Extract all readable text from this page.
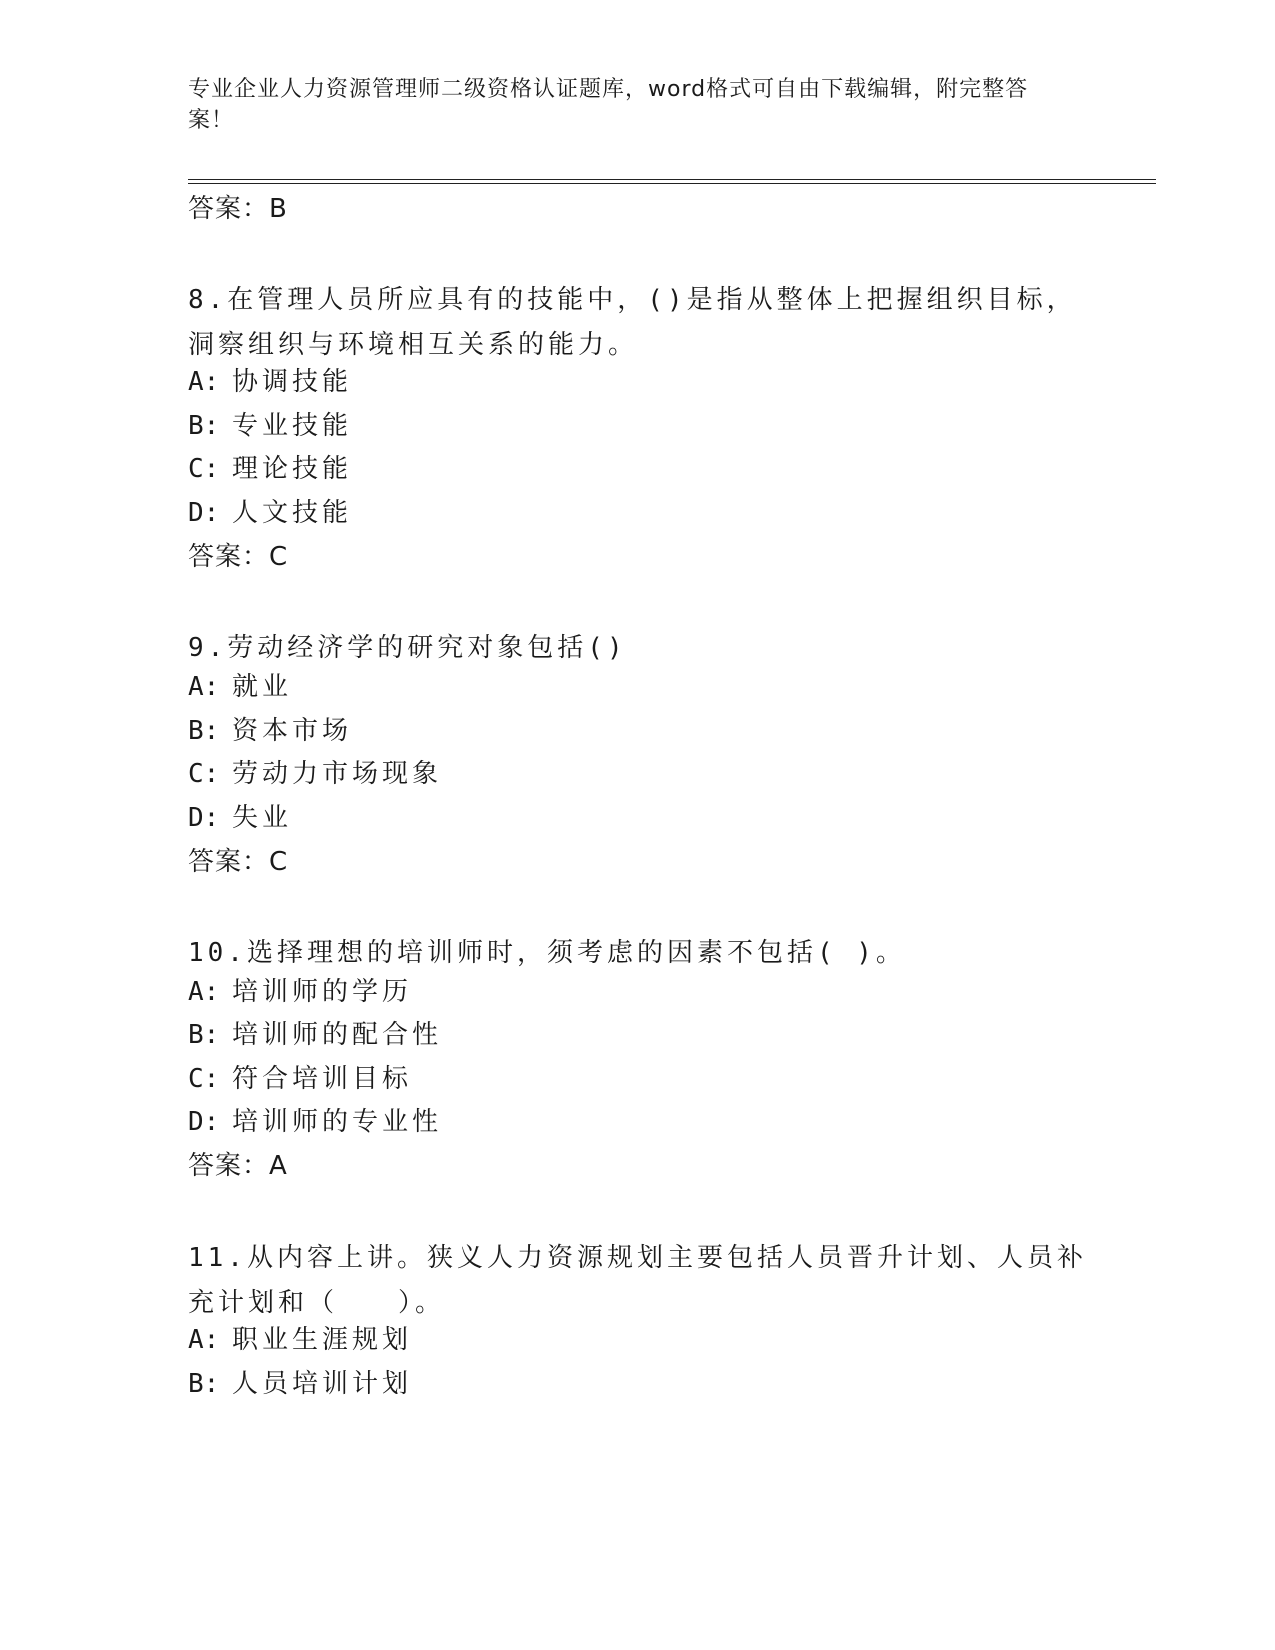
专业企业人力资源管理师二级资格认证题库，word格式可自由下载编辑，附完整答案！
答案：B
8.在管理人员所应具有的技能中，()是指从整体上把握组织目标，洞察组织与环境相互关系的能力。
A: 协调技能
B: 专业技能
C: 理论技能
D: 人文技能
答案：C
9.劳动经济学的研究对象包括()
A: 就业
B: 资本市场
C: 劳动力市场现象
D: 失业
答案：C
10.选择理想的培训师时，须考虑的因素不包括( )。
A: 培训师的学历
B: 培训师的配合性
C: 符合培训目标
D: 培训师的专业性
答案：A
11.从内容上讲。狭义人力资源规划主要包括人员晋升计划、人员补充计划和（　　）。
A: 职业生涯规划
B: 人员培训计划
